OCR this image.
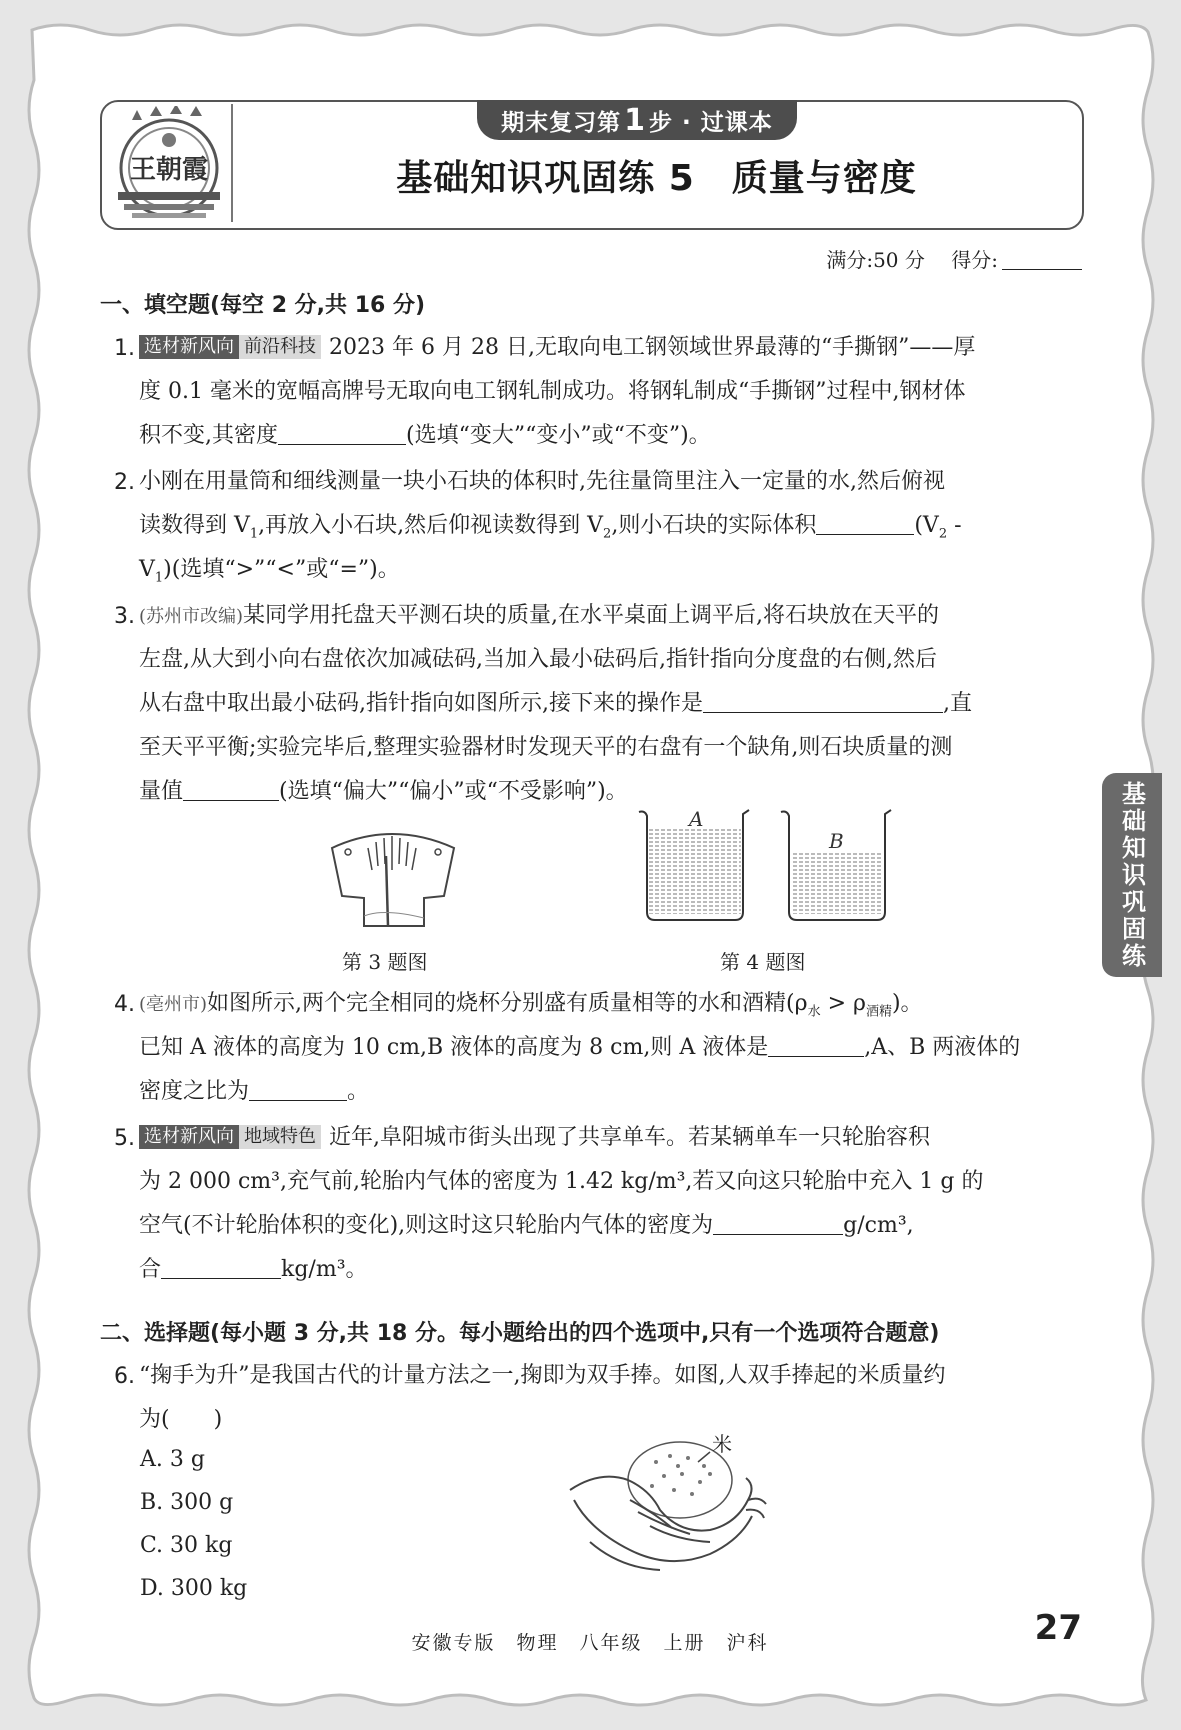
王朝霞
期末复习第 1 步 · 过课本
基础知识巩固练 5　质量与密度
满分:50 分　 得分:
基础知识巩固练
一、填空题(每空 2 分,共 16 分)
1. 选材新风向 前沿科技 2023 年 6 月 28 日,无取向电工钢领域世界最薄的“手撕钢”——厚
度 0.1 毫米的宽幅高牌号无取向电工钢轧制成功。将钢轧制成“手撕钢”过程中,钢材体
积不变,其密度	(选填“变大”“变小”或“不变”)。
2. 小刚在用量筒和细线测量一块小石块的体积时,先往量筒里注入一定量的水,然后俯视
读数得到 $V_1$,再放入小石块,然后仰视读数得到 $V_2$,则小石块的实际体积	($V_2$ -
$V_1$)(选填“>”“<”或“=”)。
3. (苏州市改编)某同学用托盘天平测石块的质量,在水平桌面上调平后,将石块放在天平的
左盘,从大到小向右盘依次加减砝码,当加入最小砝码后,指针指向分度盘的右侧,然后
从右盘中取出最小砝码,指针指向如图所示,接下来的操作是	,直
至天平平衡;实验完毕后,整理实验器材时发现天平的右盘有一个缺角,则石块质量的测
量值	(选填“偏大”“偏小”或“不受影响”)。
第 3 题图
A
B
第 4 题图
4. (亳州市)如图所示,两个完全相同的烧杯分别盛有质量相等的水和酒精$(\rho_水 > \rho_{酒精})$。
已知 A 液体的高度为 10 cm,B 液体的高度为 8 cm,则 A 液体是	,A、B 两液体的
密度之比为	。
5. 选材新风向 地域特色 近年,阜阳城市街头出现了共享单车。若某辆单车一只轮胎容积
为 2 000 cm³,充气前,轮胎内气体的密度为 1.42 kg/m³,若又向这只轮胎中充入 1 g 的
空气(不计轮胎体积的变化),则这时这只轮胎内气体的密度为	g/cm³,
合	kg/m³。
二、选择题(每小题 3 分,共 18 分。每小题给出的四个选项中,只有一个选项符合题意)
6. “掬手为升”是我国古代的计量方法之一,掬即为双手捧。如图,人双手捧起的米质量约
为(　　)
A. 3 g
B. 300 g
C. 30 kg
D. 300 kg
米
安徽专版　物理　八年级　上册　沪科	27
